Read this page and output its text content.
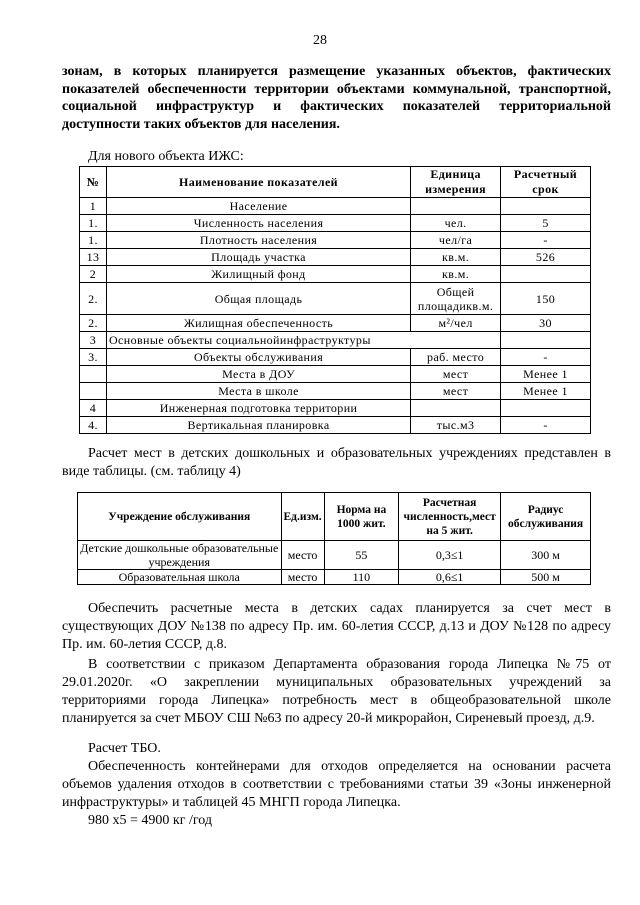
28

зонам, в которых планируется размещение указанных объектов, фактических показателей обеспеченности территории объектами коммунальной, транспортной, социальной инфраструктур и фактических показателей территориальной доступности таких объектов для населения.

Для нового объекта ИЖС:
№	Наименование показателей	Единица измерения	Расчетный срок
1	Население		
1.	Численность населения	чел.	5
1.	Плотность населения	чел/га	-
13	Площадь участка	кв.м.	526
2	Жилищный фонд	кв.м.	
2.	Общая площадь	Общей площадикв.м.	150
2.	Жилищная обеспеченность	м²/чел	30
3	Основные объекты социальнойинфраструктуры		
3.	Объекты обслуживания	раб. место	-
	Места в ДОУ	мест	Менее 1
	Места в школе	мест	Менее 1
4	Инженерная подготовка территории		
4.	Вертикальная планировка	тыс.м3	-

Расчет мест в детских дошкольных и образовательных учреждениях представлен в виде таблицы. (см. таблицу 4)

Учреждение обслуживания	Ед.изм.	Норма на 1000 жит.	Расчетная численность,мест на 5 жит.	Радиус обслуживания
Детские дошкольные образовательные учреждения	место	55	0,3≤1	300 м
Образовательная школа	место	110	0,6≤1	500 м

Обеспечить расчетные места в детских садах планируется за счет мест в существующих ДОУ №138 по адресу Пр. им. 60-летия СССР, д.13 и ДОУ №128 по адресу Пр. им. 60-летия СССР, д.8.

В соответствии с приказом Департамента образования города Липецка №75 от 29.01.2020г. «О закреплении муниципальных образовательных учреждений за территориями города Липецка» потребность мест в общеобразовательной школе планируется за счет МБОУ СШ №63 по адресу 20-й микрорайон, Сиреневый проезд, д.9.

Расчет ТБО.

Обеспеченность контейнерами для отходов определяется на основании расчета объемов удаления отходов в соответствии с требованиями статьи 39 «Зоны инженерной инфраструктуры» и таблицей 45 МНГП города Липецка.

980 х5 = 4900 кг /год
